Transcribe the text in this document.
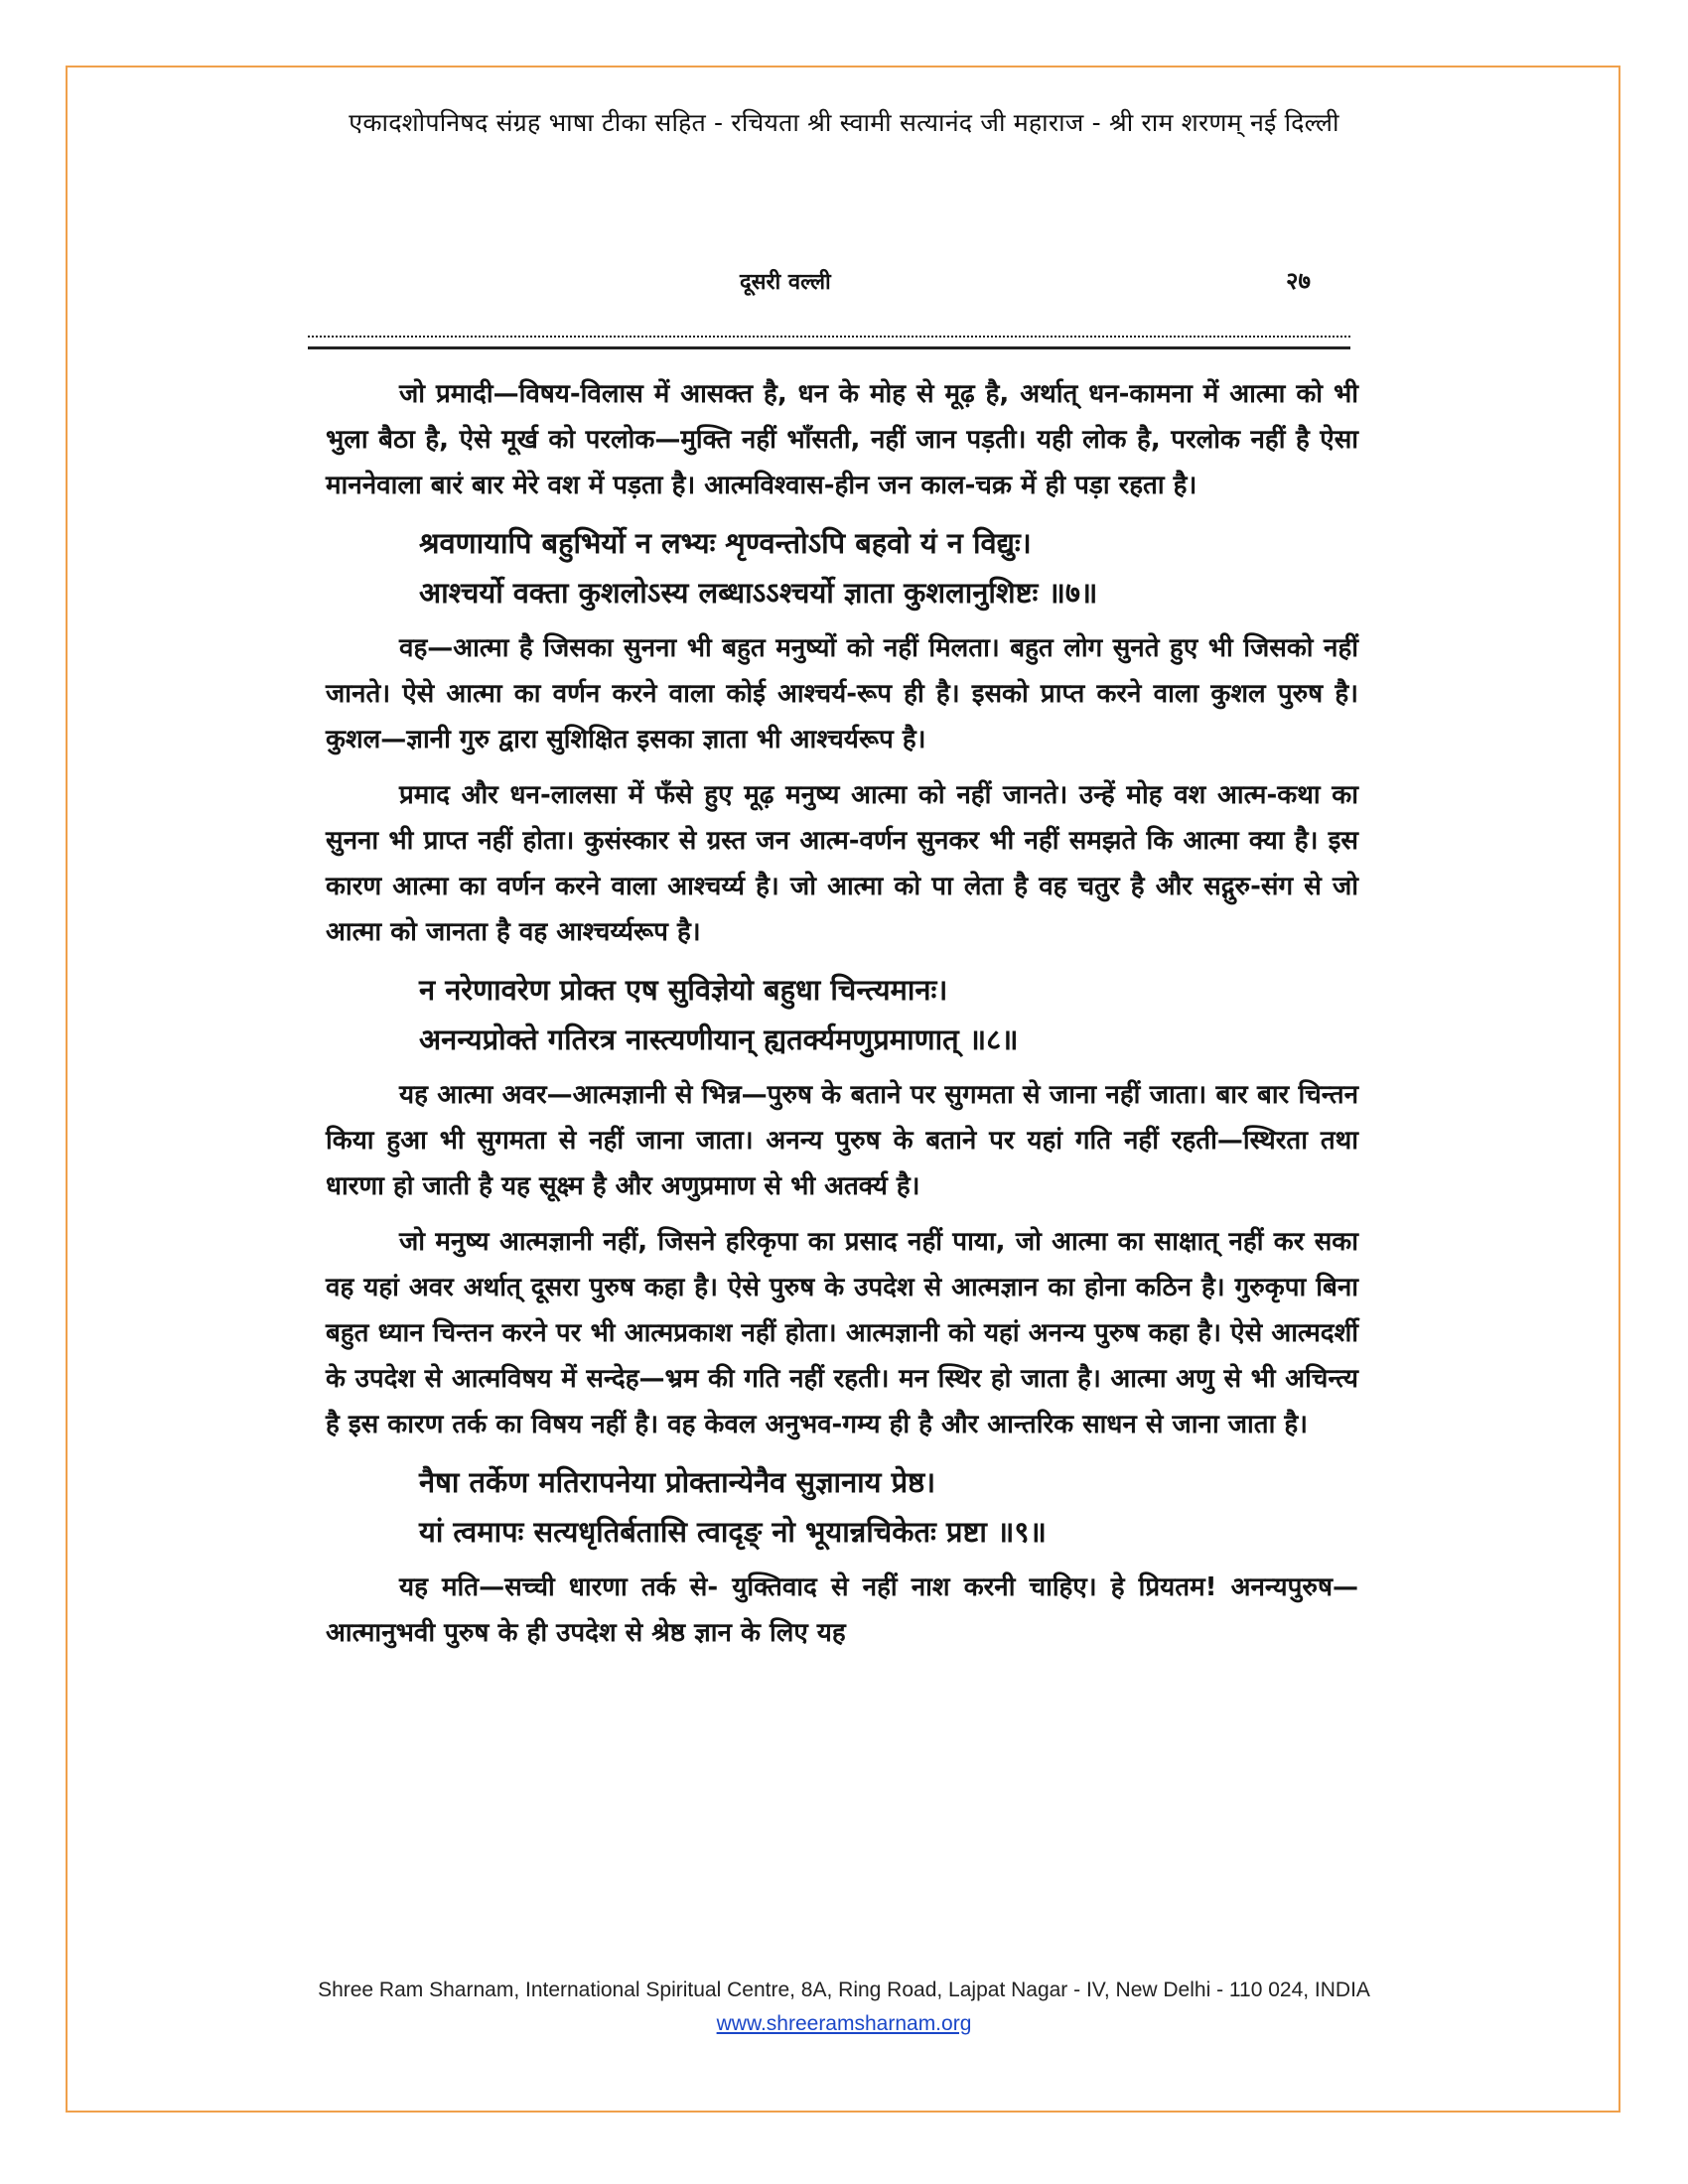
एकादशोपनिषद संग्रह भाषा टीका सहित - रचियता श्री स्वामी सत्यानंद जी महाराज - श्री राम शरणम् नई दिल्ली
दूसरी वल्ली	२७

जो प्रमादी—विषय-विलास में आसक्त है, धन के मोह से मूढ़ है, अर्थात् धन-कामना में आत्मा को भी भुला बैठा है, ऐसे मूर्ख को परलोक—मुक्ति नहीं भाँसती, नहीं जान पड़ती। यही लोक है, परलोक नहीं है ऐसा माननेवाला बारं बार मेरे वश में पड़ता है। आत्मविश्वास-हीन जन काल-चक्र में ही पड़ा रहता है।

श्रवणायापि बहुभिर्यो न लभ्यः शृण्वन्तोऽपि बहवो यं न विद्युः।
आश्चर्यो वक्ता कुशलोऽस्य लब्धाऽऽश्चर्यो ज्ञाता कुशलानुशिष्टः ॥७॥

वह—आत्मा है जिसका सुनना भी बहुत मनुष्यों को नहीं मिलता। बहुत लोग सुनते हुए भी जिसको नहीं जानते। ऐसे आत्मा का वर्णन करने वाला कोई आश्चर्य-रूप ही है। इसको प्राप्त करने वाला कुशल पुरुष है। कुशल—ज्ञानी गुरु द्वारा सुशिक्षित इसका ज्ञाता भी आश्चर्यरूप है।

प्रमाद और धन-लालसा में फँसे हुए मूढ़ मनुष्य आत्मा को नहीं जानते। उन्हें मोह वश आत्म-कथा का सुनना भी प्राप्त नहीं होता। कुसंस्कार से ग्रस्त जन आत्म-वर्णन सुनकर भी नहीं समझते कि आत्मा क्या है। इस कारण आत्मा का वर्णन करने वाला आश्चर्य्य है। जो आत्मा को पा लेता है वह चतुर है और सद्गुरु-संग से जो आत्मा को जानता है वह आश्चर्य्यरूप है।

न नरेणावरेण प्रोक्त एष सुविज्ञेयो बहुधा चिन्त्यमानः।
अनन्यप्रोक्ते गतिरत्र नास्त्यणीयान् ह्यतर्क्यमणुप्रमाणात् ॥८॥

यह आत्मा अवर—आत्मज्ञानी से भिन्न—पुरुष के बताने पर सुगमता से जाना नहीं जाता। बार बार चिन्तन किया हुआ भी सुगमता से नहीं जाना जाता। अनन्य पुरुष के बताने पर यहां गति नहीं रहती—स्थिरता तथा धारणा हो जाती है यह सूक्ष्म है और अणुप्रमाण से भी अतर्क्य है।

जो मनुष्य आत्मज्ञानी नहीं, जिसने हरिकृपा का प्रसाद नहीं पाया, जो आत्मा का साक्षात् नहीं कर सका वह यहां अवर अर्थात् दूसरा पुरुष कहा है। ऐसे पुरुष के उपदेश से आत्मज्ञान का होना कठिन है। गुरुकृपा बिना बहुत ध्यान चिन्तन करने पर भी आत्मप्रकाश नहीं होता। आत्मज्ञानी को यहां अनन्य पुरुष कहा है। ऐसे आत्मदर्शी के उपदेश से आत्मविषय में सन्देह—भ्रम की गति नहीं रहती। मन स्थिर हो जाता है। आत्मा अणु से भी अचिन्त्य है इस कारण तर्क का विषय नहीं है। वह केवल अनुभव-गम्य ही है और आन्तरिक साधन से जाना जाता है।

नैषा तर्केण मतिरापनेया प्रोक्तान्येनैव सुज्ञानाय प्रेष्ठ।
यां त्वमापः सत्यधृतिर्बतासि त्वादृङ् नो भूयान्नचिकेतः प्रष्टा ॥९॥

यह मति—सच्ची धारणा तर्क से- युक्तिवाद से नहीं नाश करनी चाहिए। हे प्रियतम! अनन्यपुरुष—आत्मानुभवी पुरुष के ही उपदेश से श्रेष्ठ ज्ञान के लिए यह

Shree Ram Sharnam, International Spiritual Centre, 8A, Ring Road, Lajpat Nagar - IV, New Delhi - 110 024, INDIA
www.shreeramsharnam.org
